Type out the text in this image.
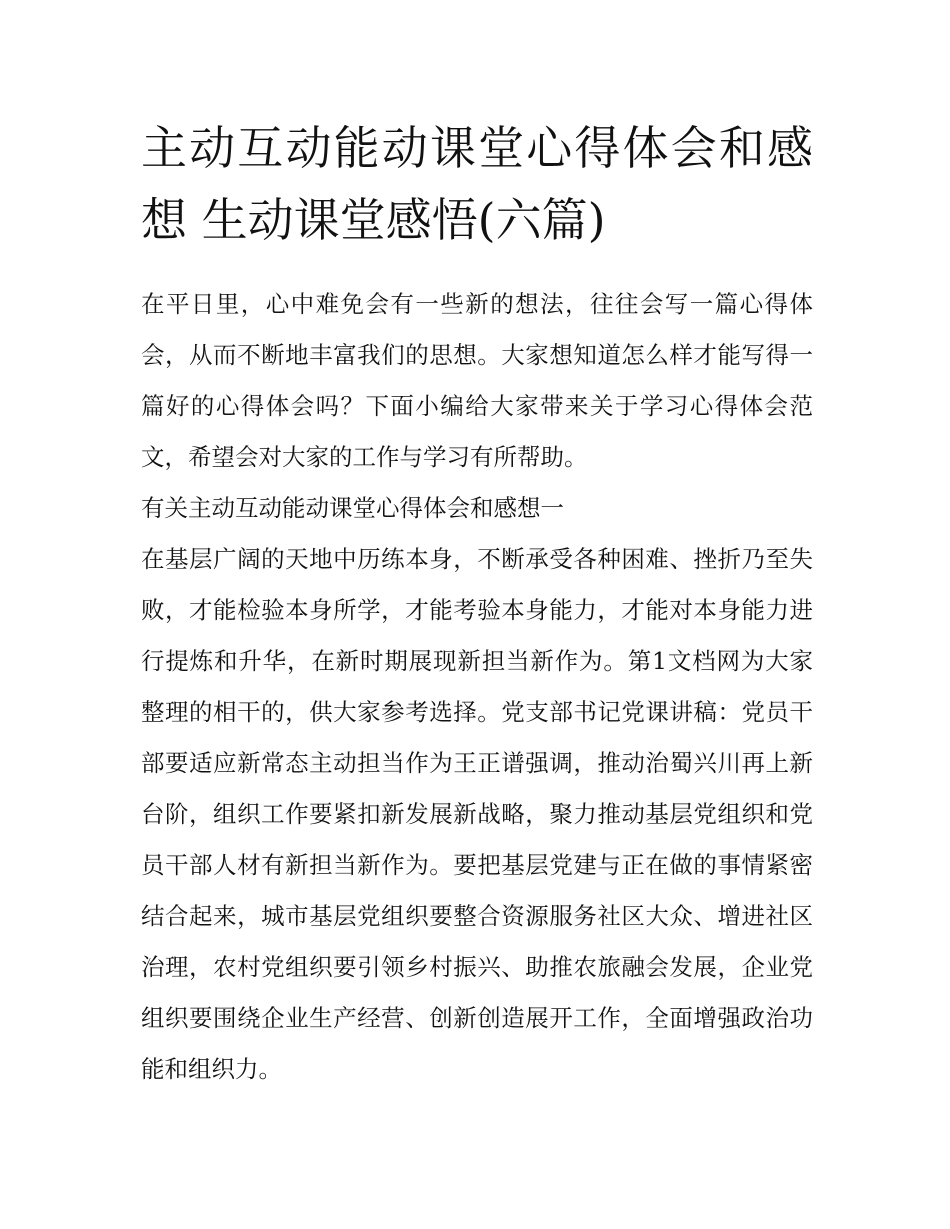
主动互动能动课堂心得体会和感想 生动课堂感悟(六篇)

在平日里，心中难免会有一些新的想法，往往会写一篇心得体会，从而不断地丰富我们的思想。大家想知道怎么样才能写得一篇好的心得体会吗？下面小编给大家带来关于学习心得体会范文，希望会对大家的工作与学习有所帮助。

有关主动互动能动课堂心得体会和感想一

在基层广阔的天地中历练本身，不断承受各种困难、挫折乃至失败，才能检验本身所学，才能考验本身能力，才能对本身能力进行提炼和升华，在新时期展现新担当新作为。第1文档网为大家整理的相干的，供大家参考选择。党支部书记党课讲稿：党员干部要适应新常态主动担当作为王正谱强调，推动治蜀兴川再上新台阶，组织工作要紧扣新发展新战略，聚力推动基层党组织和党员干部人材有新担当新作为。要把基层党建与正在做的事情紧密结合起来，城市基层党组织要整合资源服务社区大众、增进社区治理，农村党组织要引领乡村振兴、助推农旅融会发展，企业党组织要围绕企业生产经营、创新创造展开工作，全面增强政治功能和组织力。
